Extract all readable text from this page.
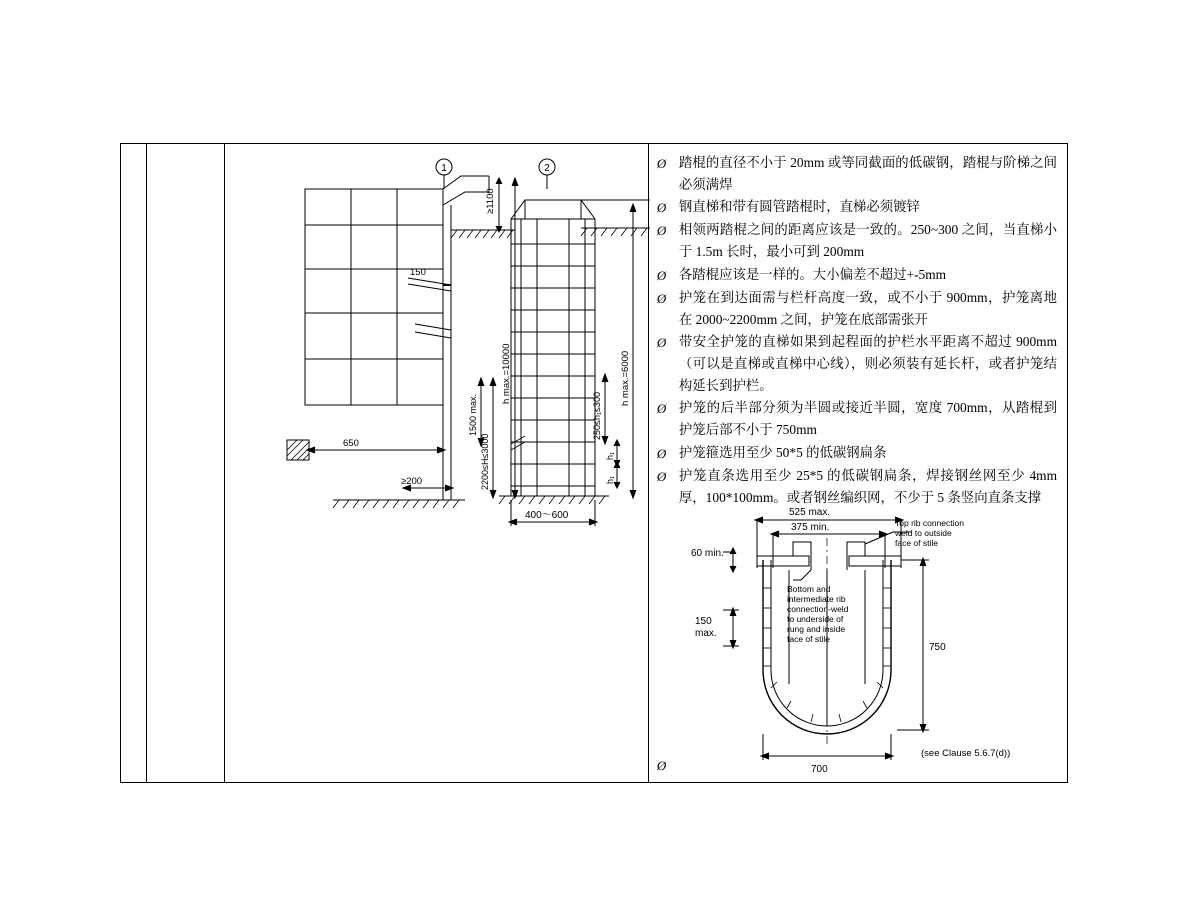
1
150
≥1100
h max.=10000
1500 max.
2200≤H≤3000
650
≥200
2
250≤h₁≤300
h max.=6000
h₁
h₁
400～600
Ø 踏棍的直径不小于 20mm 或等同截面的低碳钢，踏棍与阶梯之间必须满焊
Ø 钢直梯和带有圆管踏棍时，直梯必须镀锌
Ø 相领两踏棍之间的距离应该是一致的。250~300 之间，当直梯小于 1.5m 长时，最小可到 200mm
Ø 各踏棍应该是一样的。大小偏差不超过+-5mm
Ø 护笼在到达面需与栏杆高度一致，或不小于 900mm，护笼离地在 2000~2200mm 之间，护笼在底部需张开
Ø 带安全护笼的直梯如果到起程面的护栏水平距离不超过 900mm（可以是直梯或直梯中心线），则必须装有延长杆，或者护笼结构延长到护栏。
Ø 护笼的后半部分须为半圆或接近半圆，宽度 700mm，从踏棍到护笼后部不小于 750mm
Ø 护笼箍选用至少 50*5 的低碳钢扁条
Ø 护笼直条选用至少 25*5 的低碳钢扁条，焊接钢丝网至少 4mm 厚，100*100mm。或者钢丝编织网，不少于 5 条竖向直条支撑
525 max.
375 min.
60 min.
150
max.
750
700
Top rib connection
weld to outside
face of stile
Bottom and
intermediate rib
connection-weld
to underside of
rung and inside
face of stile
(see Clause 5.6.7(d))
Ø
